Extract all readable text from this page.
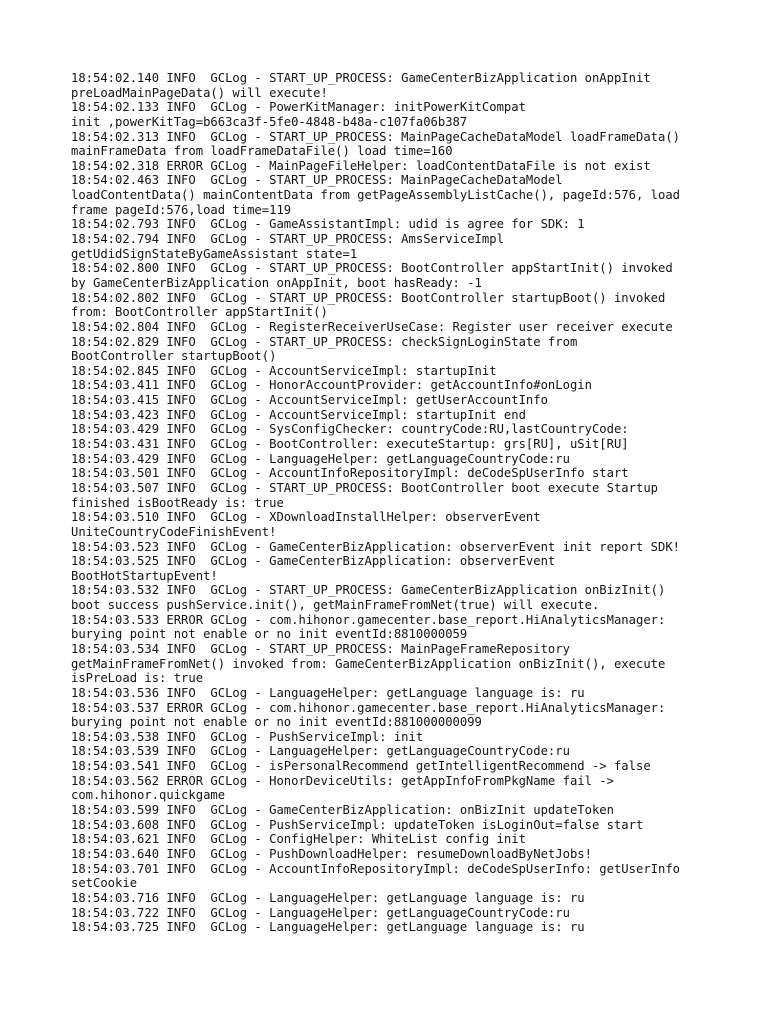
18:54:02.140 INFO  GCLog - START_UP_PROCESS: GameCenterBizApplication onAppInit
preLoadMainPageData() will execute!
18:54:02.133 INFO  GCLog - PowerKitManager: initPowerKitCompat
init ,powerKitTag=b663ca3f-5fe0-4848-b48a-c107fa06b387
18:54:02.313 INFO  GCLog - START_UP_PROCESS: MainPageCacheDataModel loadFrameData()
mainFrameData from loadFrameDataFile() load time=160
18:54:02.318 ERROR GCLog - MainPageFileHelper: loadContentDataFile is not exist
18:54:02.463 INFO  GCLog - START_UP_PROCESS: MainPageCacheDataModel
loadContentData() mainContentData from getPageAssemblyListCache(), pageId:576, load
frame pageId:576,load time=119
18:54:02.793 INFO  GCLog - GameAssistantImpl: udid is agree for SDK: 1
18:54:02.794 INFO  GCLog - START_UP_PROCESS: AmsServiceImpl
getUdidSignStateByGameAssistant state=1
18:54:02.800 INFO  GCLog - START_UP_PROCESS: BootController appStartInit() invoked
by GameCenterBizApplication onAppInit, boot hasReady: -1
18:54:02.802 INFO  GCLog - START_UP_PROCESS: BootController startupBoot() invoked
from: BootController appStartInit()
18:54:02.804 INFO  GCLog - RegisterReceiverUseCase: Register user receiver execute
18:54:02.829 INFO  GCLog - START_UP_PROCESS: checkSignLoginState from
BootController startupBoot()
18:54:02.845 INFO  GCLog - AccountServiceImpl: startupInit
18:54:03.411 INFO  GCLog - HonorAccountProvider: getAccountInfo#onLogin
18:54:03.415 INFO  GCLog - AccountServiceImpl: getUserAccountInfo
18:54:03.423 INFO  GCLog - AccountServiceImpl: startupInit end
18:54:03.429 INFO  GCLog - SysConfigChecker: countryCode:RU,lastCountryCode:
18:54:03.431 INFO  GCLog - BootController: executeStartup: grs[RU], uSit[RU]
18:54:03.429 INFO  GCLog - LanguageHelper: getLanguageCountryCode:ru
18:54:03.501 INFO  GCLog - AccountInfoRepositoryImpl: deCodeSpUserInfo start
18:54:03.507 INFO  GCLog - START_UP_PROCESS: BootController boot execute Startup
finished isBootReady is: true
18:54:03.510 INFO  GCLog - XDownloadInstallHelper: observerEvent
UniteCountryCodeFinishEvent!
18:54:03.523 INFO  GCLog - GameCenterBizApplication: observerEvent init report SDK!
18:54:03.525 INFO  GCLog - GameCenterBizApplication: observerEvent
BootHotStartupEvent!
18:54:03.532 INFO  GCLog - START_UP_PROCESS: GameCenterBizApplication onBizInit()
boot success pushService.init(), getMainFrameFromNet(true) will execute.
18:54:03.533 ERROR GCLog - com.hihonor.gamecenter.base_report.HiAnalyticsManager:
burying point not enable or no init eventId:8810000059
18:54:03.534 INFO  GCLog - START_UP_PROCESS: MainPageFrameRepository
getMainFrameFromNet() invoked from: GameCenterBizApplication onBizInit(), execute
isPreLoad is: true
18:54:03.536 INFO  GCLog - LanguageHelper: getLanguage language is: ru
18:54:03.537 ERROR GCLog - com.hihonor.gamecenter.base_report.HiAnalyticsManager:
burying point not enable or no init eventId:881000000099
18:54:03.538 INFO  GCLog - PushServiceImpl: init
18:54:03.539 INFO  GCLog - LanguageHelper: getLanguageCountryCode:ru
18:54:03.541 INFO  GCLog - isPersonalRecommend getIntelligentRecommend -> false
18:54:03.562 ERROR GCLog - HonorDeviceUtils: getAppInfoFromPkgName fail ->
com.hihonor.quickgame
18:54:03.599 INFO  GCLog - GameCenterBizApplication: onBizInit updateToken
18:54:03.608 INFO  GCLog - PushServiceImpl: updateToken isLoginOut=false start
18:54:03.621 INFO  GCLog - ConfigHelper: WhiteList config init
18:54:03.640 INFO  GCLog - PushDownloadHelper: resumeDownloadByNetJobs!
18:54:03.701 INFO  GCLog - AccountInfoRepositoryImpl: deCodeSpUserInfo: getUserInfo
setCookie
18:54:03.716 INFO  GCLog - LanguageHelper: getLanguage language is: ru
18:54:03.722 INFO  GCLog - LanguageHelper: getLanguageCountryCode:ru
18:54:03.725 INFO  GCLog - LanguageHelper: getLanguage language is: ru
